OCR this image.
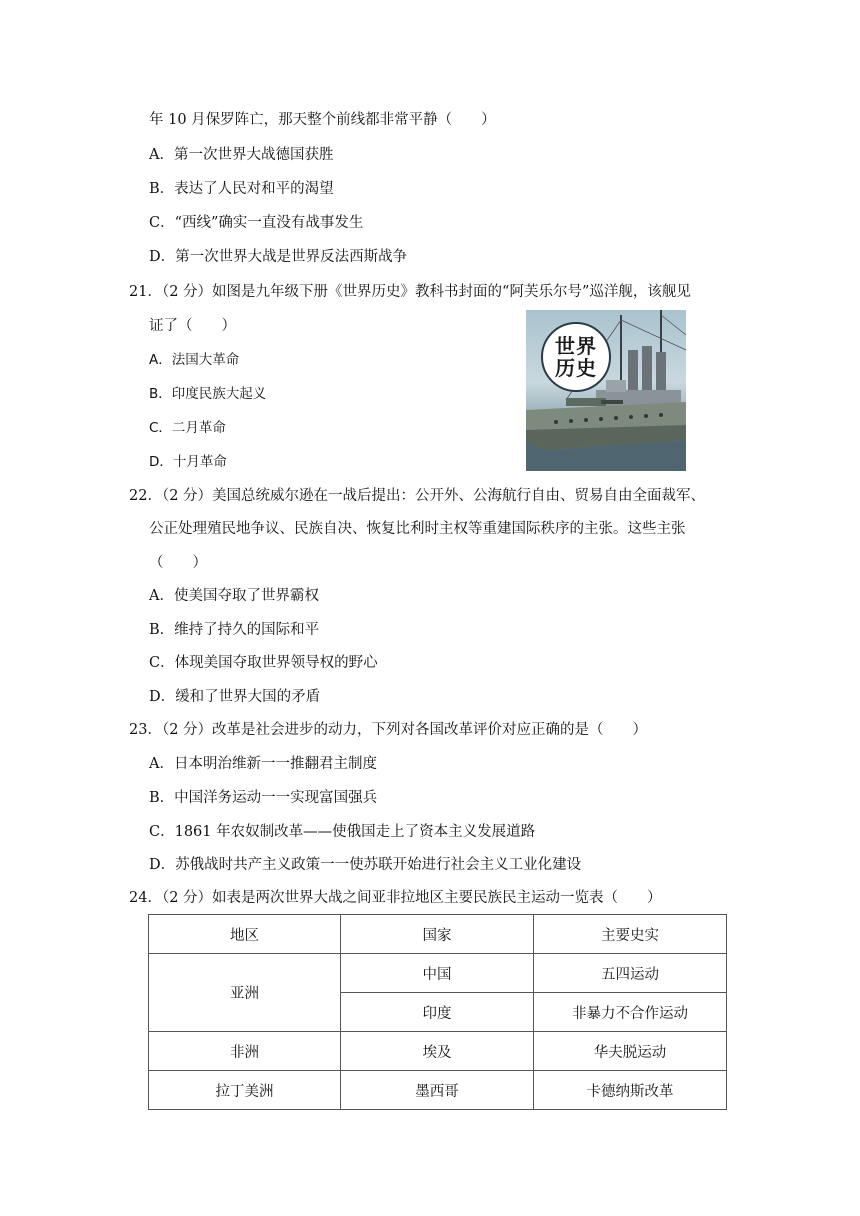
年 10 月保罗阵亡，那天整个前线都非常平静（　　）
A．第一次世界大战德国获胜
B．表达了人民对和平的渴望
C．“西线”确实一直没有战事发生
D．第一次世界大战是世界反法西斯战争
21．（2 分）如图是九年级下册《世界历史》教科书封面的“阿芙乐尔号”巡洋舰，该舰见
证了（　　）
A．法国大革命
B．印度民族大起义
C．二月革命
D．十月革命
世界
历史
22．（2 分）美国总统威尔逊在一战后提出：公开外、公海航行自由、贸易自由全面裁军、
公正处理殖民地争议、民族自决、恢复比利时主权等重建国际秩序的主张。这些主张
（　　）
A．使美国夺取了世界霸权
B．维持了持久的国际和平
C．体现美国夺取世界领导权的野心
D．缓和了世界大国的矛盾
23．（2 分）改革是社会进步的动力，下列对各国改革评价对应正确的是（　　）
A．日本明治维新一一推翻君主制度
B．中国洋务运动一一实现富国强兵
C．1861 年农奴制改革——使俄国走上了资本主义发展道路
D．苏俄战时共产主义政策一一使苏联开始进行社会主义工业化建设
24．（2 分）如表是两次世界大战之间亚非拉地区主要民族民主运动一览表（　　）
地区	国家	主要史实
亚洲	中国	五四运动
	印度	非暴力不合作运动
非洲	埃及	华夫脱运动
拉丁美洲	墨西哥	卡德纳斯改革
